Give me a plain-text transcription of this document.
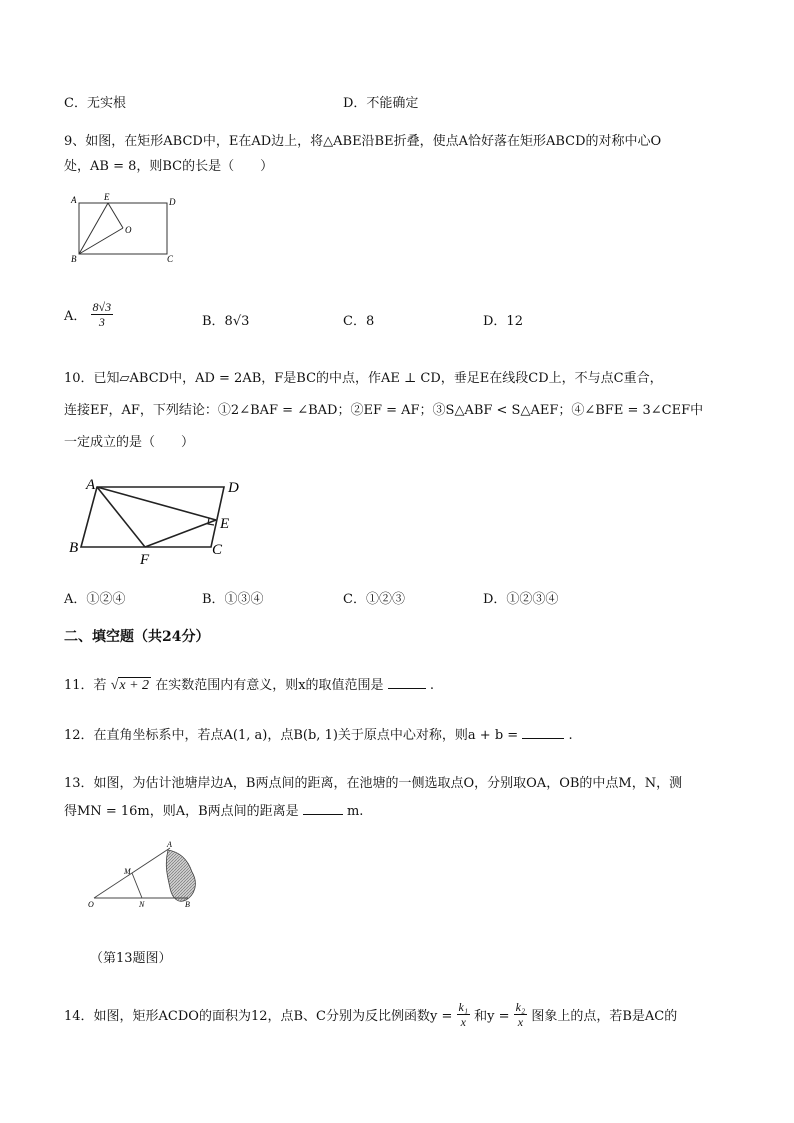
C．无实根	D．不能确定
9、如图，在矩形ABCD中，E在AD边上，将△ABE沿BE折叠，使点A恰好落在矩形ABCD的对称中心O
处，AB = 8，则BC的长是（　　）
A	E	D
O
B	C
A． $\frac{8√3}{3}$	B．8√3	C．8	D．12
10．已知▱ABCD中，AD = 2AB，F是BC的中点，作AE ⊥ CD，垂足E在线段CD上，不与点C重合，
连接EF，AF，下列结论：①2∠BAF = ∠BAD；②EF = AF；③S△ABF < S△AEF；④∠BFE = 3∠CEF中
一定成立的是（　　）
A	D
E
B
F
C
A．①②④	B．①③④	C．①②③	D．①②③④
二、填空题（共24分）
11．若 √x + 2 在实数范围内有意义，则x的取值范围是	.
12．在直角坐标系中，若点A(1, a)，点B(b, 1)关于原点中心对称，则a + b =	.
13．如图，为估计池塘岸边A，B两点间的距离，在池塘的一侧选取点O，分别取OA，OB的中点M，N，测
得MN = 16m，则A，B两点间的距离是	m.
A
M
O	N	B
（第13题图）
14．如图，矩形ACDO的面积为12，点B、C分别为反比例函数$y = \frac{\text{k₁}}{x}$ 和$y = \frac{\text{k₂}}{x}$ 图象上的点，若B是AC的
